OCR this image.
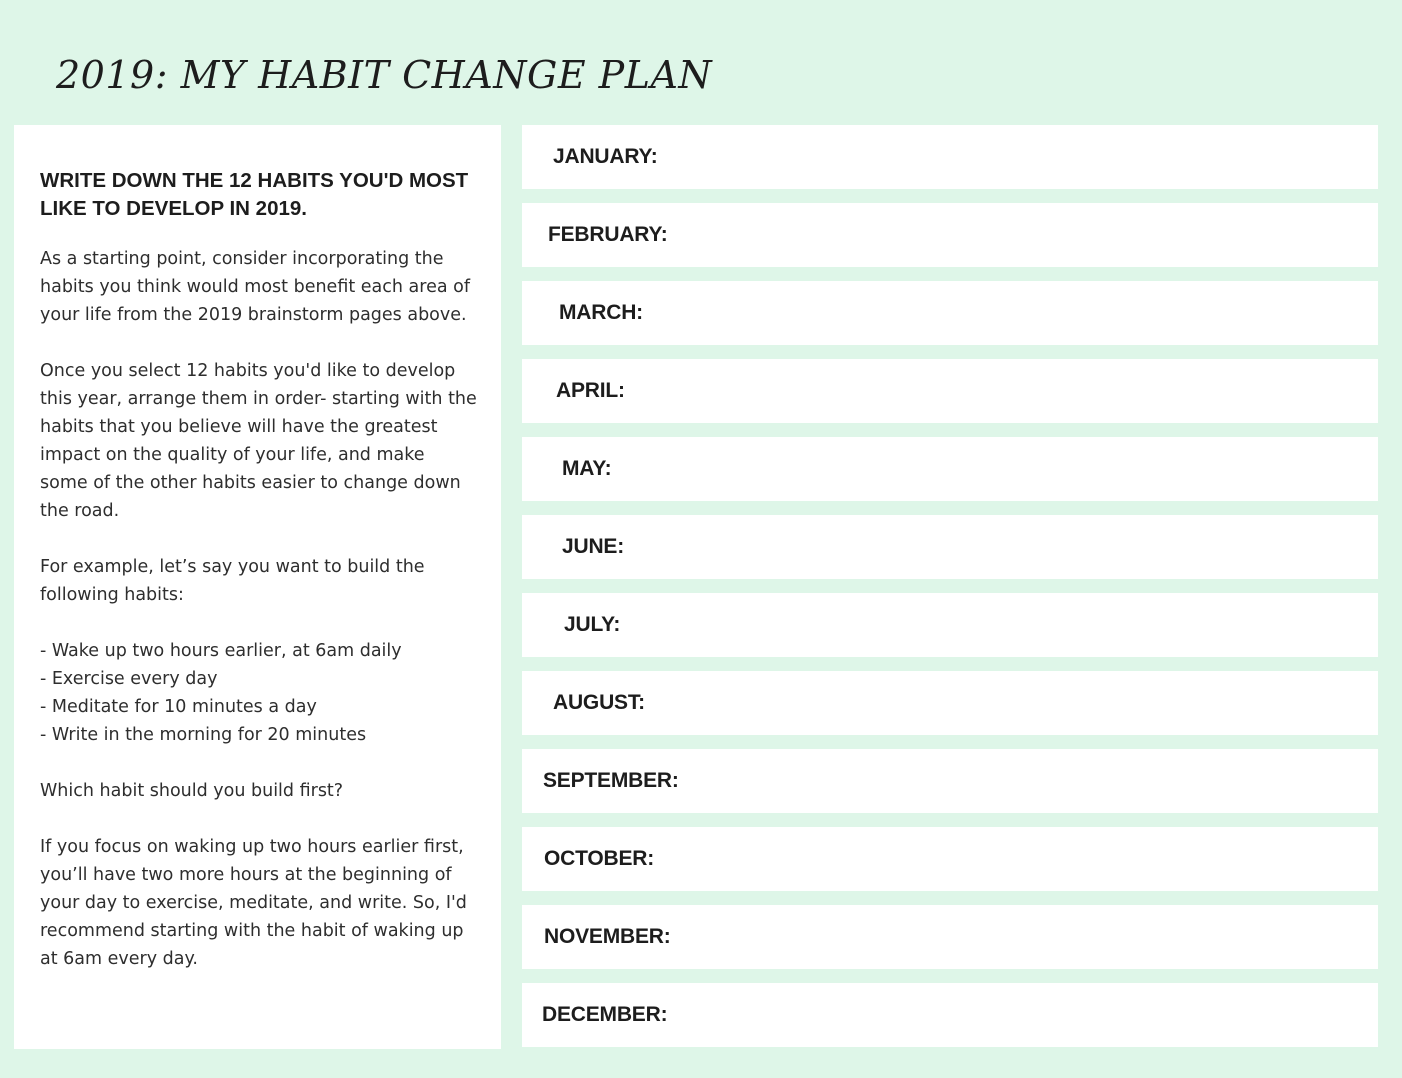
2019: MY HABIT CHANGE PLAN
WRITE DOWN THE 12 HABITS YOU'D MOST LIKE TO DEVELOP IN 2019.

As a starting point, consider incorporating the habits you think would most benefit each area of your life from the 2019 brainstorm pages above.

Once you select 12 habits you'd like to develop this year, arrange them in order- starting with the habits that you believe will have the greatest impact on the quality of your life, and make some of the other habits easier to change down the road.

For example, let’s say you want to build the following habits:

- Wake up two hours earlier, at 6am daily
- Exercise every day
- Meditate for 10 minutes a day
- Write in the morning for 20 minutes

Which habit should you build first?

If you focus on waking up two hours earlier first, you’ll have two more hours at the beginning of your day to exercise, meditate, and write. So, I'd recommend starting with the habit of waking up at 6am every day.

JANUARY:
FEBRUARY:
MARCH:
APRIL:
MAY:
JUNE:
JULY:
AUGUST:
SEPTEMBER:
OCTOBER:
NOVEMBER:
DECEMBER:
